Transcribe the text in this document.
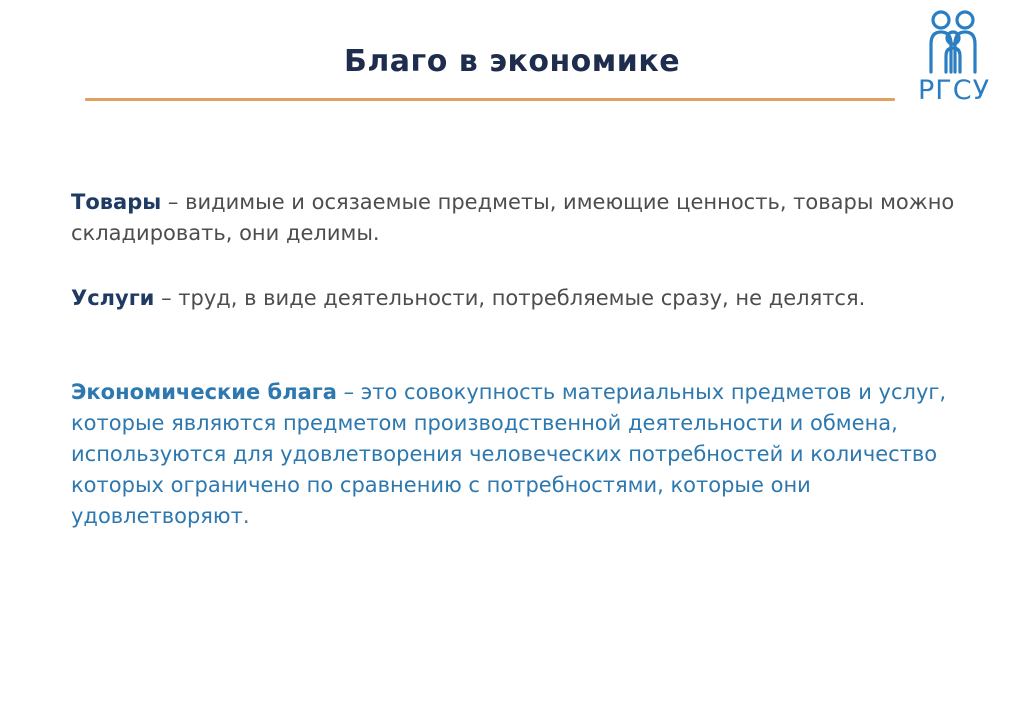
Благо в экономике
РГСУ

Товары – видимые и осязаемые предметы, имеющие ценность, товары можно складировать, они делимы.

Услуги – труд, в виде деятельности, потребляемые сразу, не делятся.

Экономические блага – это совокупность материальных предметов и услуг, которые являются предметом производственной деятельности и обмена, используются для удовлетворения человеческих потребностей и количество которых ограничено по сравнению с потребностями, которые они удовлетворяют.
